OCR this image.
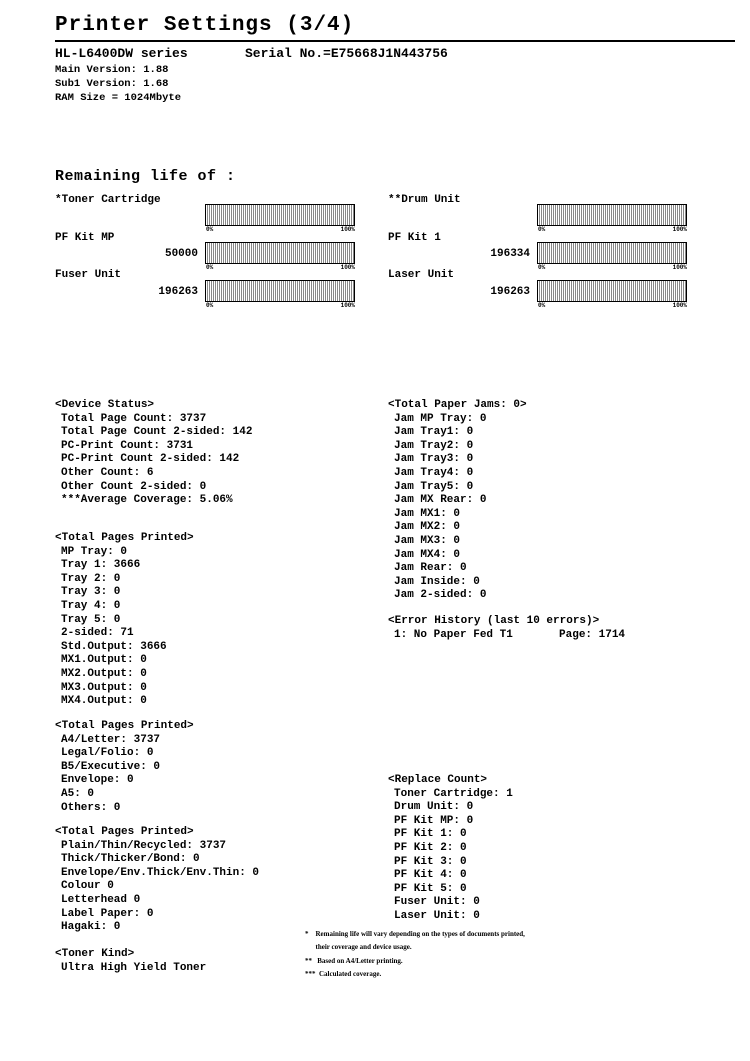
Printer Settings (3/4)
HL-L6400DW series	Serial No.=E75668J1N443756
Main Version: 1.88
Sub1 Version: 1.68
RAM Size = 1024Mbyte
Remaining life of :
*Toner Cartridge
0%	100%
PF Kit MP
50000
0%	100%
Fuser Unit
196263
0%	100%
**Drum Unit
0%	100%
PF Kit 1
196334
0%	100%
Laser Unit
196263
0%	100%
<Device Status>
Total Page Count: 3737
Total Page Count 2-sided: 142
PC-Print Count: 3731
PC-Print Count 2-sided: 142
Other Count: 6
Other Count 2-sided: 0
***Average Coverage: 5.06%
<Total Pages Printed>
MP Tray: 0
Tray 1: 3666
Tray 2: 0
Tray 3: 0
Tray 4: 0
Tray 5: 0
2-sided: 71
Std.Output: 3666
MX1.Output: 0
MX2.Output: 0
MX3.Output: 0
MX4.Output: 0
<Total Pages Printed>
A4/Letter: 3737
Legal/Folio: 0
B5/Executive: 0
Envelope: 0
A5: 0
Others: 0
<Total Pages Printed>
Plain/Thin/Recycled: 3737
Thick/Thicker/Bond: 0
Envelope/Env.Thick/Env.Thin: 0
Colour 0
Letterhead 0
Label Paper: 0
Hagaki: 0
<Toner Kind>
Ultra High Yield Toner
<Total Paper Jams: 0>
Jam MP Tray: 0
Jam Tray1: 0
Jam Tray2: 0
Jam Tray3: 0
Jam Tray4: 0
Jam Tray5: 0
Jam MX Rear: 0
Jam MX1: 0
Jam MX2: 0
Jam MX3: 0
Jam MX4: 0
Jam Rear: 0
Jam Inside: 0
Jam 2-sided: 0
<Error History (last 10 errors)>
1: No Paper Fed T1       Page: 1714
<Replace Count>
Toner Cartridge: 1
Drum Unit: 0
PF Kit MP: 0
PF Kit 1: 0
PF Kit 2: 0
PF Kit 3: 0
PF Kit 4: 0
PF Kit 5: 0
Fuser Unit: 0
Laser Unit: 0
*    Remaining life will vary depending on the types of documents printed,
their coverage and device usage.
**   Based on A4/Letter printing.
***  Calculated coverage.
